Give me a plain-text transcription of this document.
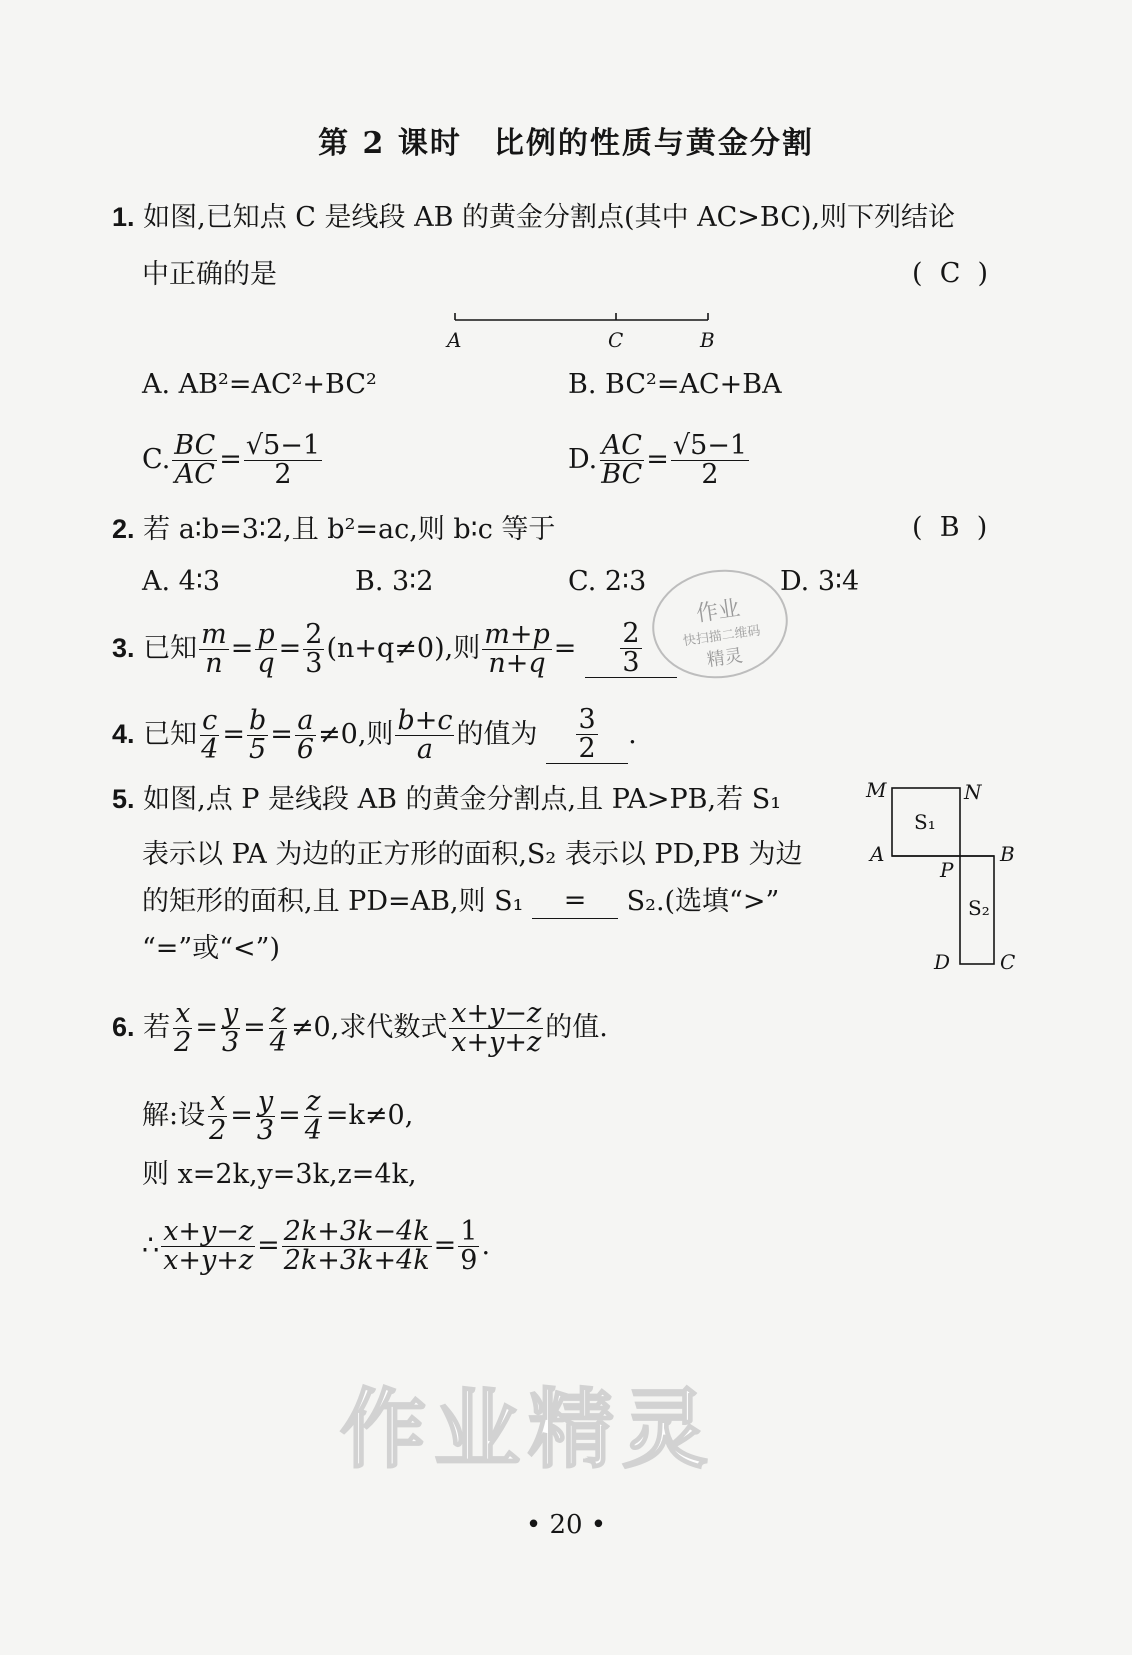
第 2 课时　比例的性质与黄金分割
1. 如图,已知点 C 是线段 AB 的黄金分割点(其中 AC>BC),则下列结论
中正确的是	(  C  )
A	C	B
A. AB²=AC²+BC²	B. BC²=AC+BA
C. $\frac{BC}{AC} = \frac{√5-1}{2}$	D. $\frac{AC}{BC} = \frac{√5-1}{2}$
2. 若 a∶b=3∶2,且 b²=ac,则 b∶c 等于	(  B  )
A. 4∶3	B. 3∶2	C. 2∶3	D. 3∶4
作业
快扫描二维码
精灵
3. 已知 $\frac{m}{n} = \frac{p}{q} = \frac{2}{3} (n+q\ne 0)$,则 $\frac{m+p}{n+q} = \frac{2}{3}$
4. 已知 $\frac{c}{4} = \frac{b}{5} = \frac{a}{6} \ne 0$,则 $\frac{b+c}{a}$ 的值为 $\frac{3}{2}$ .
5. 如图,点 P 是线段 AB 的黄金分割点,且 PA>PB,若 S₁
表示以 PA 为边的正方形的面积,S₂ 表示以 PD,PB 为边
的矩形的面积,且 PD=AB,则 S₁ = S₂.(选填“>”
“=”或“<”)
M	N
A	B
P
D C
S₁
S₂
6. 若 $\frac{x}{2} = \frac{y}{3} = \frac{z}{4} \ne 0$,求代数式 $\frac{x+y-z}{x+y+z}$ 的值.
解:设 $\frac{x}{2} = \frac{y}{3} = \frac{z}{4} =k\ne 0$,
则 x=2k,y=3k,z=4k,
∴ $\frac{x+y-z}{x+y+z} = \frac{2k+3k-4k}{2k+3k+4k} = \frac{1}{9}$ .
作业精灵
• 20 •
